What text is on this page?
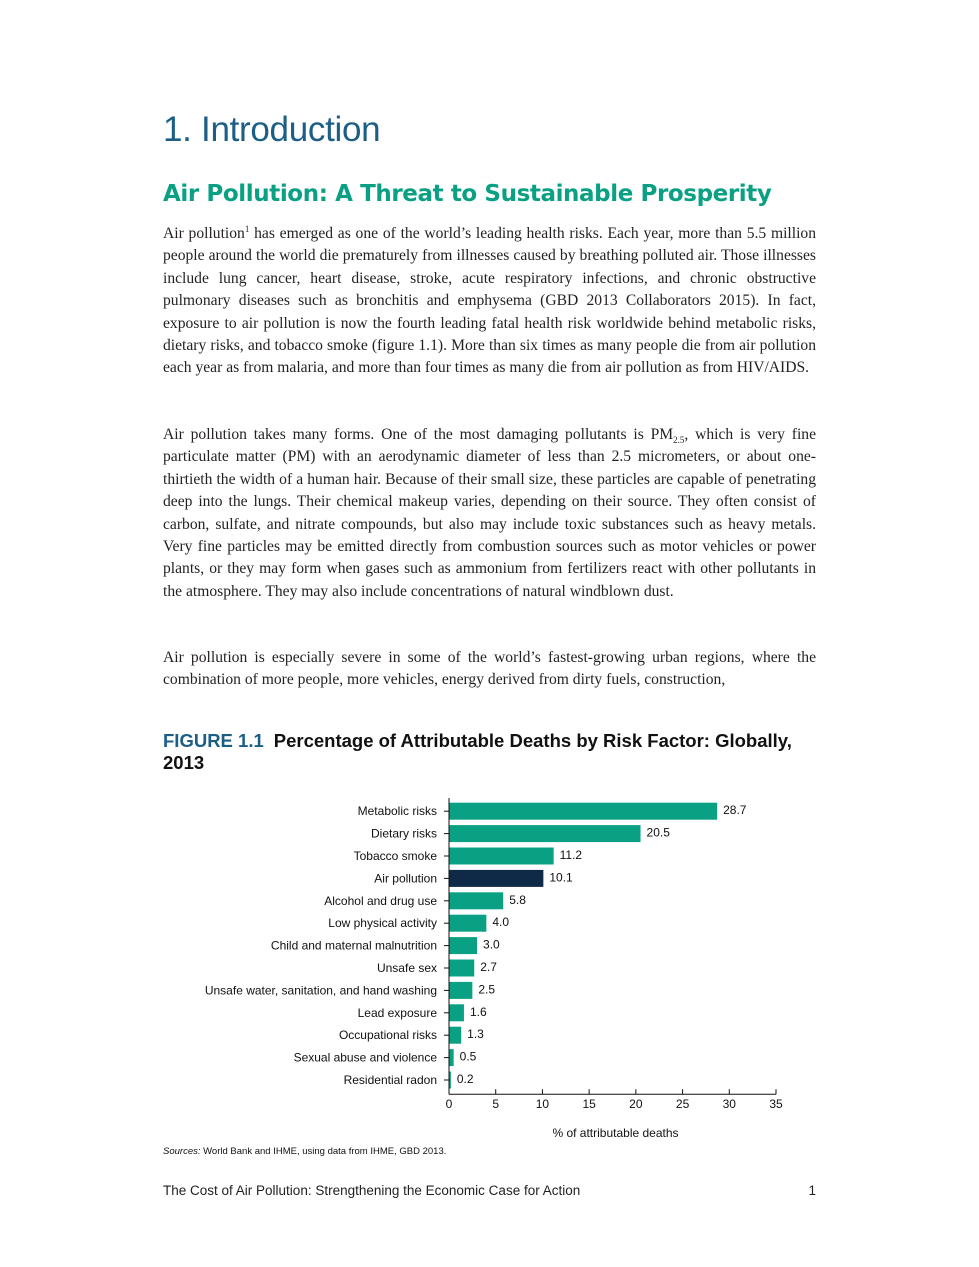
1. Introduction
Air Pollution: A Threat to Sustainable Prosperity

Air pollution$^1$ has emerged as one of the world’s leading health risks. Each year, more than 5.5 million people around the world die prematurely from illnesses caused by breathing polluted air. Those illnesses include lung cancer, heart disease, stroke, acute respiratory infections, and chronic obstructive pulmonary diseases such as bronchitis and emphysema (GBD 2013 Collaborators 2015). In fact, exposure to air pollution is now the fourth leading fatal health risk worldwide behind metabolic risks, dietary risks, and tobacco smoke (figure 1.1). More than six times as many people die from air pollution each year as from malaria, and more than four times as many die from air pollution as from HIV/AIDS.

Air pollution takes many forms. One of the most damaging pollutants is $PM_{2.5}$, which is very fine particulate matter (PM) with an aerodynamic diameter of less than 2.5 micrometers, or about one-thirtieth the width of a human hair. Because of their small size, these particles are capable of penetrating deep into the lungs. Their chemical makeup varies, depending on their source. They often consist of carbon, sulfate, and nitrate compounds, but also may include toxic substances such as heavy metals. Very fine particles may be emitted directly from combustion sources such as motor vehicles or power plants, or they may form when gases such as ammonium from fertilizers react with other pollutants in the atmosphere. They may also include concentrations of natural windblown dust.

Air pollution is especially severe in some of the world’s fastest-growing urban regions, where the combination of more people, more vehicles, energy derived from dirty fuels, construction,

FIGURE 1.1 Percentage of Attributable Deaths by Risk Factor: Globally, 2013
Metabolic risks	28.7
Dietary risks	20.5
Tobacco smoke	11.2
Air pollution	10.1
Alcohol and drug use	5.8
Low physical activity	4.0
Child and maternal malnutrition	3.0
Unsafe sex	2.7
Unsafe water, sanitation, and hand washing	2.5
Lead exposure	1.6
Occupational risks	1.3
Sexual abuse and violence 0.5
Residential radon 0.2
0	5	10	15	20	25	30	35
% of attributable deaths

Sources: World Bank and IHME, using data from IHME, GBD 2013.

The Cost of Air Pollution: Strengthening the Economic Case for Action	1
